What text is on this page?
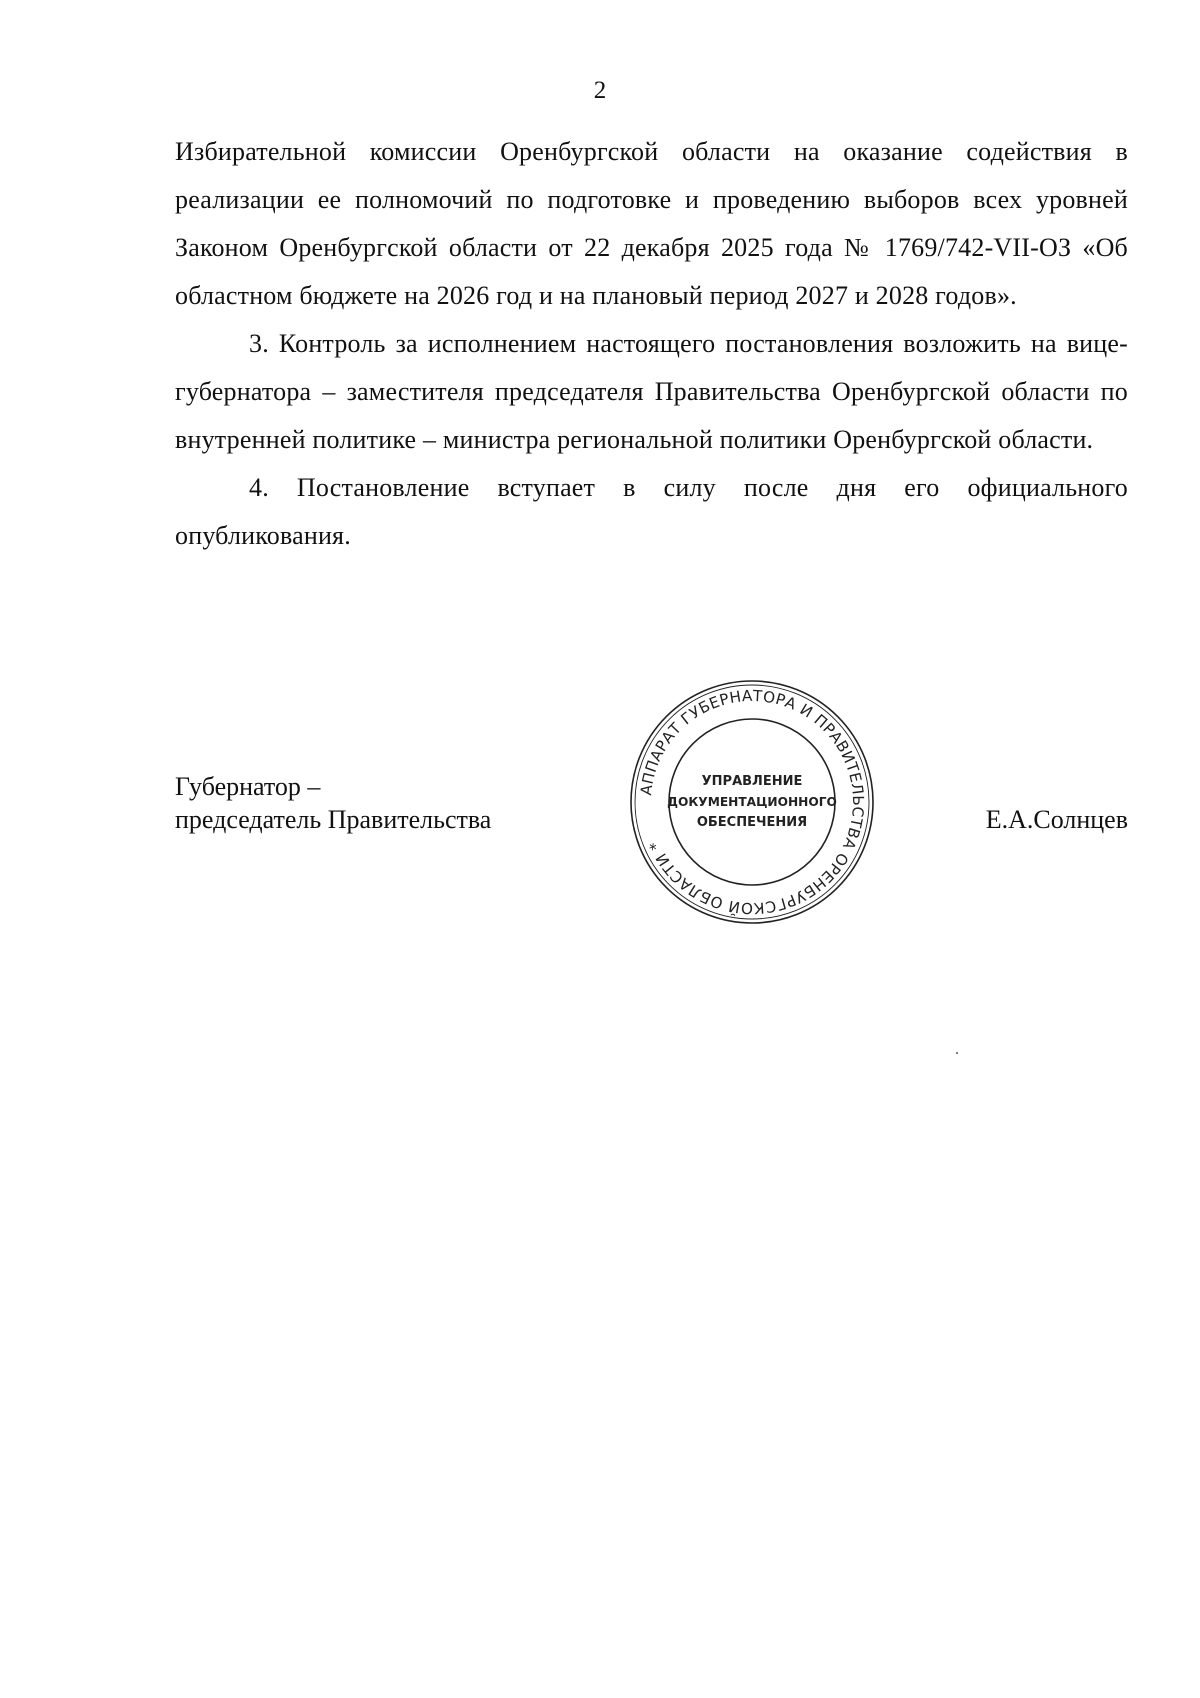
2

Избирательной комиссии Оренбургской области на оказание содействия в реализации ее полномочий по подготовке и проведению выборов всех уровней Законом Оренбургской области от 22 декабря 2025 года № 1769/742-VII-ОЗ «Об областном бюджете на 2026 год и на плановый период 2027 и 2028 годов».

3. Контроль за исполнением настоящего постановления возложить на вице-губернатора – заместителя председателя Правительства Оренбургской области по внутренней политике – министра региональной политики Оренбургской области.

4. Постановление вступает в силу после дня его официального опубликования.

Губернатор –
председатель Правительства	Е.А.Солнцев
АППАРАТ ГУБЕРНАТОРА И ПРАВИТЕЛЬСТВА ОРЕНБУРГСКОЙ ОБЛАСТИ *
УПРАВЛЕНИЕ
ДОКУМЕНТАЦИОННОГО
ОБЕСПЕЧЕНИЯ
